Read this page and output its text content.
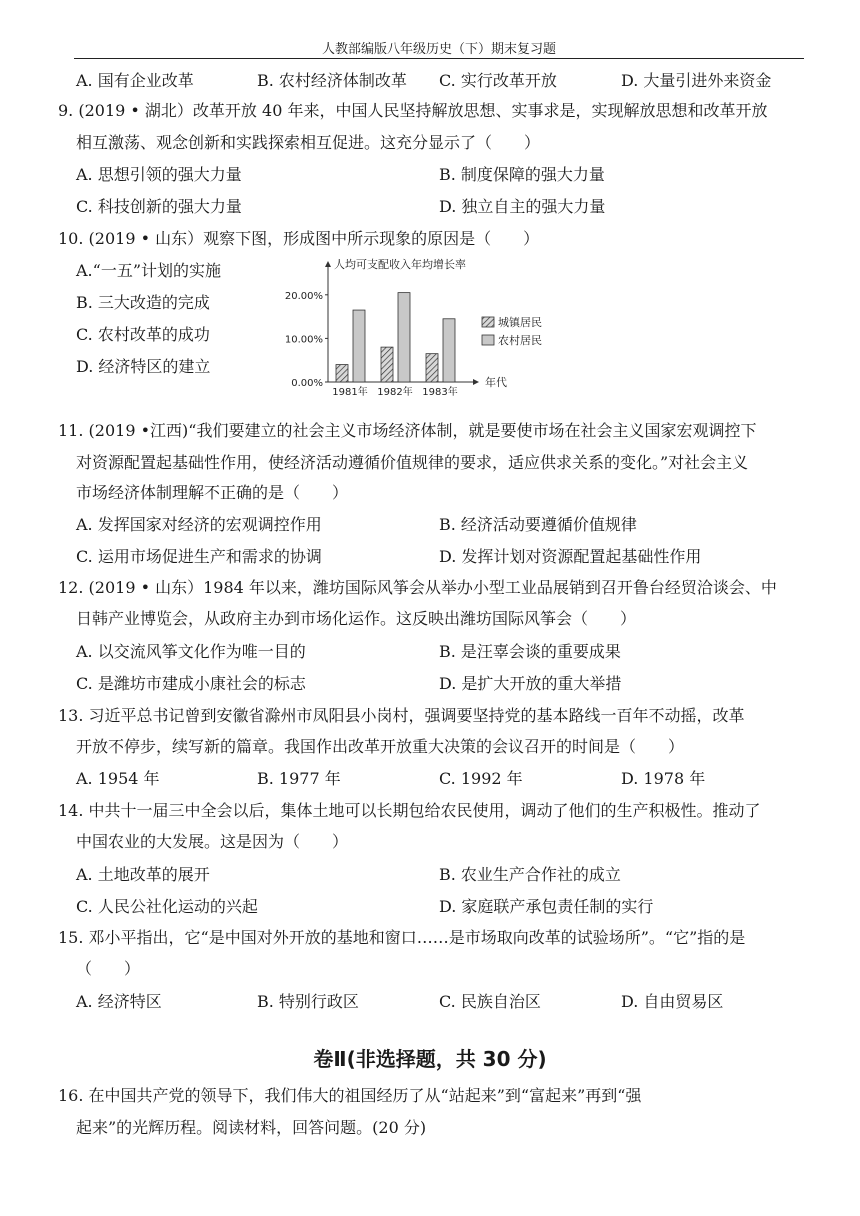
人教部编版八年级历史（下）期末复习题
A. 国有企业改革	B. 农村经济体制改革 C. 实行改革开放	D. 大量引进外来资金
9. (2019 • 湖北）改革开放 40 年来，中国人民坚持解放思想、实事求是，实现解放思想和改革开放
相互激荡、观念创新和实践探索相互促进。这充分显示了（　　）
A. 思想引领的强大力量	B. 制度保障的强大力量
C. 科技创新的强大力量	D. 独立自主的强大力量
10. (2019 • 山东）观察下图，形成图中所示现象的原因是（　　）
A.“一五”计划的实施
B. 三大改造的完成
C. 农村改革的成功
D. 经济特区的建立
人均可支配收入年均增长率
0.00%
10.00%
20.00%
1981年 1982年 1983年
年代
城镇居民
农村居民
11. (2019 •江西)“我们要建立的社会主义市场经济体制，就是要使市场在社会主义国家宏观调控下
对资源配置起基础性作用，使经济活动遵循价值规律的要求，适应供求关系的变化。”对社会主义
市场经济体制理解不正确的是（　　）
A. 发挥国家对经济的宏观调控作用	B. 经济活动要遵循价值规律
C. 运用市场促进生产和需求的协调	D. 发挥计划对资源配置起基础性作用
12. (2019 • 山东）1984 年以来，潍坊国际风筝会从举办小型工业品展销到召开鲁台经贸洽谈会、中
日韩产业博览会，从政府主办到市场化运作。这反映出潍坊国际风筝会（　　）
A. 以交流风筝文化作为唯一目的	B. 是汪辜会谈的重要成果
C. 是潍坊市建成小康社会的标志	D. 是扩大开放的重大举措
13. 习近平总书记曾到安徽省滁州市凤阳县小岗村，强调要坚持党的基本路线一百年不动摇，改革
开放不停步，续写新的篇章。我国作出改革开放重大决策的会议召开的时间是（　　）
A. 1954 年	B. 1977 年	C. 1992 年	D. 1978 年
14. 中共十一届三中全会以后，集体土地可以长期包给农民使用，调动了他们的生产积极性。推动了
中国农业的大发展。这是因为（　　）
A. 土地改革的展开	B. 农业生产合作社的成立
C. 人民公社化运动的兴起	D. 家庭联产承包责任制的实行
15. 邓小平指出，它“是中国对外开放的基地和窗口……是市场取向改革的试验场所”。“它”指的是
（　　）
A. 经济特区	B. 特别行政区	C. 民族自治区	D. 自由贸易区
卷Ⅱ(非选择题，共 30 分)
16. 在中国共产党的领导下，我们伟大的祖国经历了从“站起来”到“富起来”再到“强
起来”的光辉历程。阅读材料，回答问题。(20 分)
